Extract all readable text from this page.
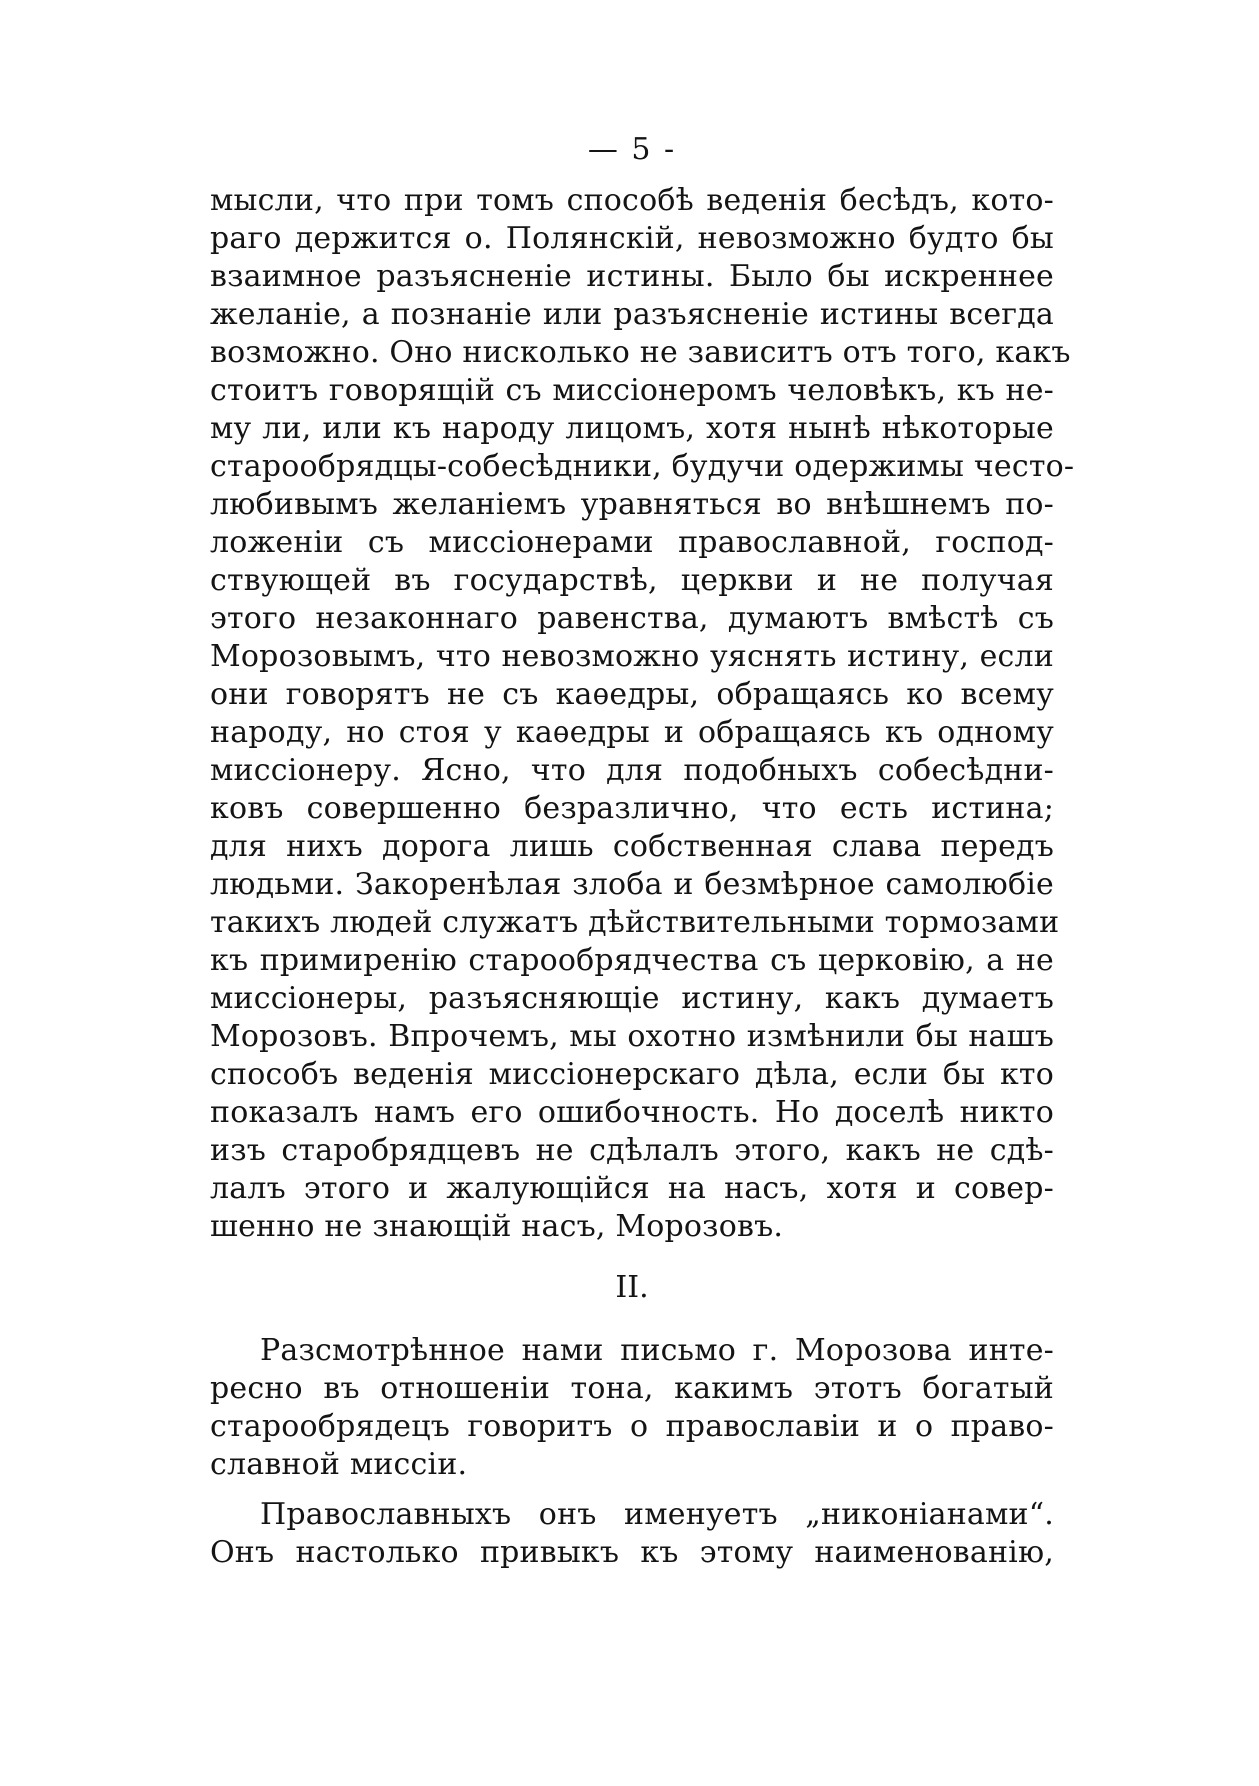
— 5 -
мысли, что при томъ способѣ веденія бесѣдъ, кото-
раго держится о. Полянскій, невозможно будто бы
взаимное разъясненіе истины. Было бы искреннее
желаніе, а познаніе или разъясненіе истины всегда
возможно. Оно нисколько не зависитъ отъ того, какъ
стоитъ говорящій съ миссіонеромъ человѣкъ, къ не-
му ли, или къ народу лицомъ, хотя нынѣ нѣкоторые
старообрядцы-собесѣдники, будучи одержимы често-
любивымъ желаніемъ уравняться во внѣшнемъ по-
ложеніи съ миссіонерами православной, господ-
ствующей въ государствѣ, церкви и не получая
этого незаконнаго равенства, думаютъ вмѣстѣ съ
Морозовымъ, что невозможно уяснять истину, если
они говорятъ не съ каѳедры, обращаясь ко всему
народу, но стоя у каѳедры и обращаясь къ одному
миссіонеру. Ясно, что для подобныхъ собесѣдни-
ковъ совершенно безразлично, что есть истина;
для нихъ дорога лишь собственная слава передъ
людьми. Закоренѣлая злоба и безмѣрное самолюбіе
такихъ людей служатъ дѣйствительными тормозами
къ примиренію старообрядчества съ церковію, а не
миссіонеры, разъясняющіе истину, какъ думаетъ
Морозовъ. Впрочемъ, мы охотно измѣнили бы нашъ
способъ веденія миссіонерскаго дѣла, если бы кто
показалъ намъ его ошибочность. Но доселѣ никто
изъ старобрядцевъ не сдѣлалъ этого, какъ не сдѣ-
лалъ этого и жалующійся на насъ, хотя и совер-
шенно не знающій насъ, Морозовъ.
II.
Разсмотрѣнное нами письмо г. Морозова инте-
ресно въ отношеніи тона, какимъ этотъ богатый
старообрядецъ говоритъ о православіи и о право-
славной миссіи.
Православныхъ онъ именуетъ „никоніанами“.
Онъ настолько привыкъ къ этому наименованію,
